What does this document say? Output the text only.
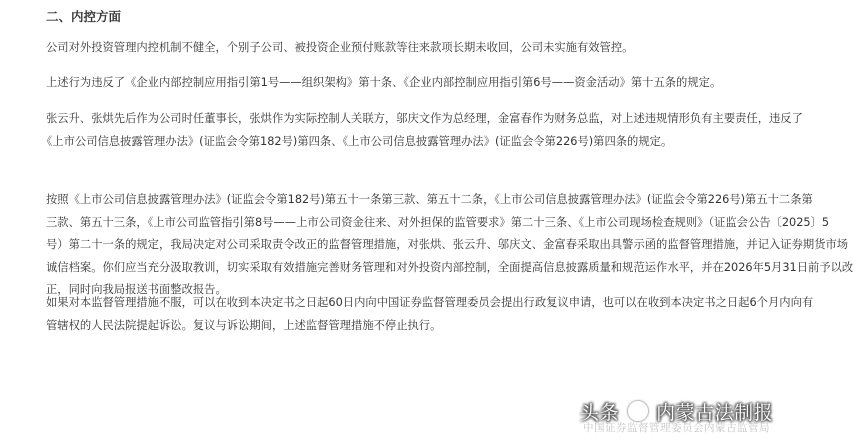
二、内控方面
公司对外投资管理内控机制不健全，个别子公司、被投资企业预付账款等往来款项长期未收回，公司未实施有效管控。
上述行为违反了《企业内部控制应用指引第1号——组织架构》第十条、《企业内部控制应用指引第6号——资金活动》第十五条的规定。
张云升、张烘先后作为公司时任董事长，张烘作为实际控制人关联方，邬庆文作为总经理，金富春作为财务总监，对上述违规情形负有主要责任，违反了
《上市公司信息披露管理办法》(证监会令第182号)第四条、《上市公司信息披露管理办法》(证监会令第226号)第四条的规定。
按照《上市公司信息披露管理办法》(证监会令第182号)第五十一条第三款、第五十二条，《上市公司信息披露管理办法》(证监会令第226号)第五十二条第
三款、第五十三条，《上市公司监管指引第8号——上市公司资金往来、对外担保的监管要求》第二十三条、《上市公司现场检查规则》（证监会公告〔2025〕5
号）第二十一条的规定，我局决定对公司采取责令改正的监督管理措施，对张烘、张云升、邬庆文、金富春采取出具警示函的监督管理措施，并记入证券期货市场
诚信档案。你们应当充分汲取教训，切实采取有效措施完善财务管理和对外投资内部控制，全面提高信息披露质量和规范运作水平，并在2026年5月31日前予以改
正，同时向我局报送书面整改报告。
如果对本监督管理措施不服，可以在收到本决定书之日起60日内向中国证券监督管理委员会提出行政复议申请，也可以在收到本决定书之日起6个月内向有
管辖权的人民法院提起诉讼。复议与诉讼期间，上述监督管理措施不停止执行。
中国证券监督管理委员会内蒙古监管局
头条 内蒙古法制报
